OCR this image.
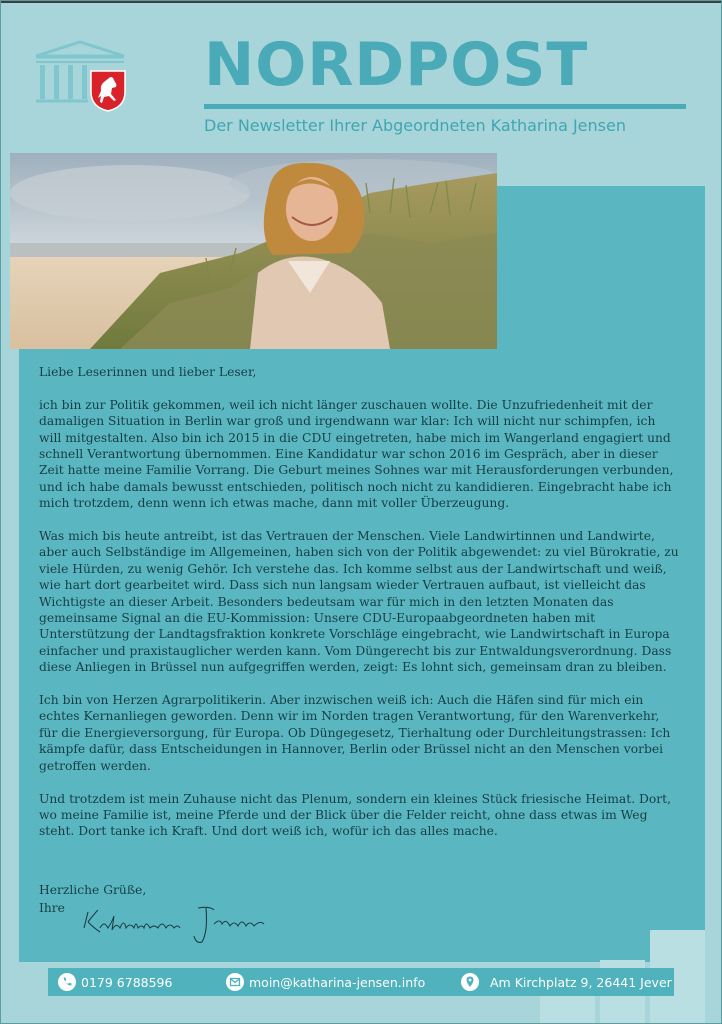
NORDPOST
Der Newsletter Ihrer Abgeordneten Katharina Jensen

Liebe Leserinnen und lieber Leser,

ich bin zur Politik gekommen, weil ich nicht länger zuschauen wollte. Die Unzufriedenheit mit der damaligen Situation in Berlin war groß und irgendwann war klar: Ich will nicht nur schimpfen, ich will mitgestalten. Also bin ich 2015 in die CDU eingetreten, habe mich im Wangerland engagiert und schnell Verantwortung übernommen. Eine Kandidatur war schon 2016 im Gespräch, aber in dieser Zeit hatte meine Familie Vorrang. Die Geburt meines Sohnes war mit Herausforderungen verbunden, und ich habe damals bewusst entschieden, politisch noch nicht zu kandidieren. Eingebracht habe ich mich trotzdem, denn wenn ich etwas mache, dann mit voller Überzeugung.

Was mich bis heute antreibt, ist das Vertrauen der Menschen. Viele Landwirtinnen und Landwirte, aber auch Selbständige im Allgemeinen, haben sich von der Politik abgewendet: zu viel Bürokratie, zu viele Hürden, zu wenig Gehör. Ich verstehe das. Ich komme selbst aus der Landwirtschaft und weiß, wie hart dort gearbeitet wird. Dass sich nun langsam wieder Vertrauen aufbaut, ist vielleicht das Wichtigste an dieser Arbeit. Besonders bedeutsam war für mich in den letzten Monaten das gemeinsame Signal an die EU-Kommission: Unsere CDU-Europaabgeordneten haben mit Unterstützung der Landtagsfraktion konkrete Vorschläge eingebracht, wie Landwirtschaft in Europa einfacher und praxistauglicher werden kann. Vom Düngerecht bis zur Entwaldungsverordnung. Dass diese Anliegen in Brüssel nun aufgegriffen werden, zeigt: Es lohnt sich, gemeinsam dran zu bleiben.

Ich bin von Herzen Agrarpolitikerin. Aber inzwischen weiß ich: Auch die Häfen sind für mich ein echtes Kernanliegen geworden. Denn wir im Norden tragen Verantwortung, für den Warenverkehr, für die Energieversorgung, für Europa. Ob Düngegesetz, Tierhaltung oder Durchleitungstrassen: Ich kämpfe dafür, dass Entscheidungen in Hannover, Berlin oder Brüssel nicht an den Menschen vorbei getroffen werden.

Und trotzdem ist mein Zuhause nicht das Plenum, sondern ein kleines Stück friesische Heimat. Dort, wo meine Familie ist, meine Pferde und der Blick über die Felder reicht, ohne dass etwas im Weg steht. Dort tanke ich Kraft. Und dort weiß ich, wofür ich das alles mache.

Herzliche Grüße,
Ihre
0179 6788596	moin@katharina-jensen.info	Am Kirchplatz 9, 26441 Jever
